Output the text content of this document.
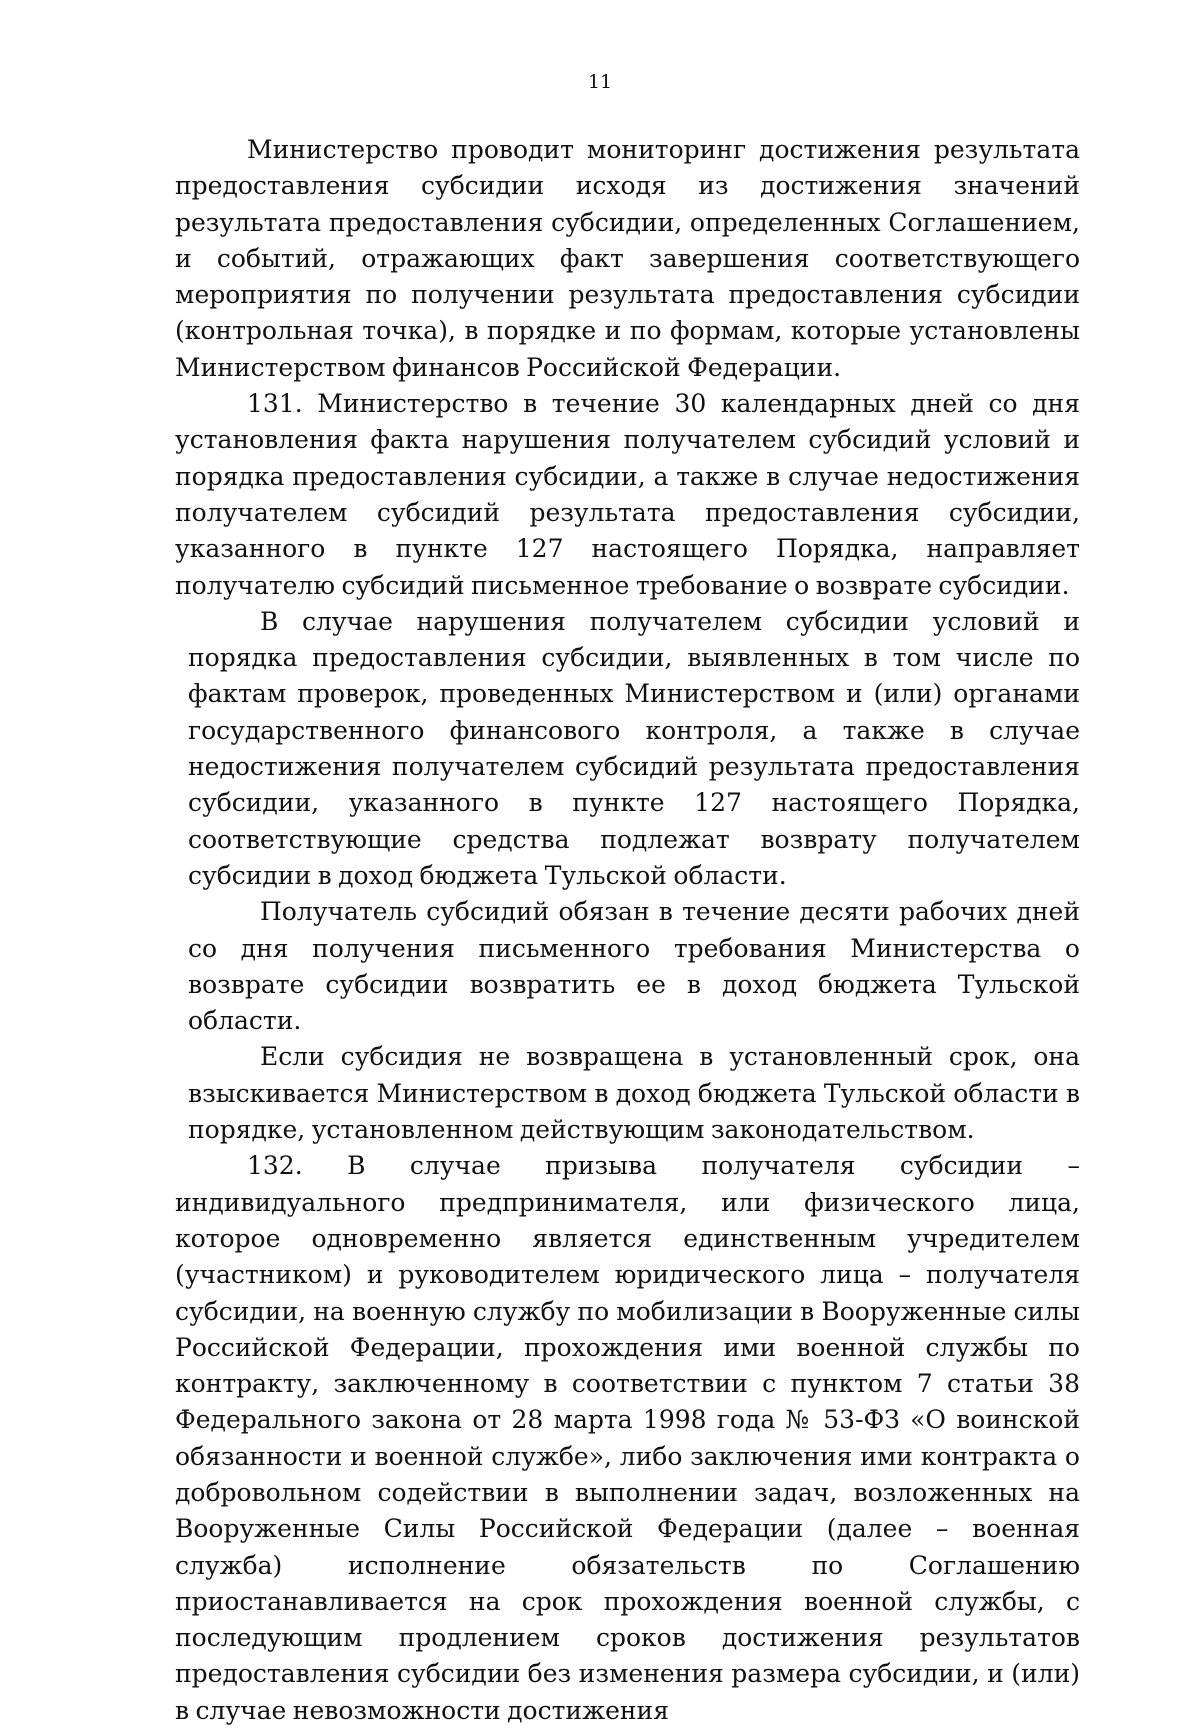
11

Министерство проводит мониторинг достижения результата предоставления субсидии исходя из достижения значений результата предоставления субсидии, определенных Соглашением, и событий, отражающих факт завершения соответствующего мероприятия по получении результата предоставления субсидии (контрольная точка), в порядке и по формам, которые установлены Министерством финансов Российской Федерации.

131. Министерство в течение 30 календарных дней со дня установления факта нарушения получателем субсидий условий и порядка предоставления субсидии, а также в случае недостижения получателем субсидий результата предоставления субсидии, указанного в пункте 127 настоящего Порядка, направляет получателю субсидий письменное требование о возврате субсидии.

В случае нарушения получателем субсидии условий и порядка предоставления субсидии, выявленных в том числе по фактам проверок, проведенных Министерством и (или) органами государственного финансового контроля, а также в случае недостижения получателем субсидий результата предоставления субсидии, указанного в пункте 127 настоящего Порядка, соответствующие средства подлежат возврату получателем субсидии в доход бюджета Тульской области.

Получатель субсидий обязан в течение десяти рабочих дней со дня получения письменного требования Министерства о возврате субсидии возвратить ее в доход бюджета Тульской области.

Если субсидия не возвращена в установленный срок, она взыскивается Министерством в доход бюджета Тульской области в порядке, установленном действующим законодательством.

132. В случае призыва получателя субсидии – индивидуального предпринимателя, или физического лица, которое одновременно является единственным учредителем (участником) и руководителем юридического лица – получателя субсидии, на военную службу по мобилизации в Вооруженные силы Российской Федерации, прохождения ими военной службы по контракту, заключенному в соответствии с пунктом 7 статьи 38 Федерального закона от 28 марта 1998 года № 53-ФЗ «О воинской обязанности и военной службе», либо заключения ими контракта о добровольном содействии в выполнении задач, возложенных на Вооруженные Силы Российской Федерации (далее – военная служба) исполнение обязательств по Соглашению приостанавливается на срок прохождения военной службы, с последующим продлением сроков достижения результатов предоставления субсидии без изменения размера субсидии, и (или) в случае невозможности достижения
